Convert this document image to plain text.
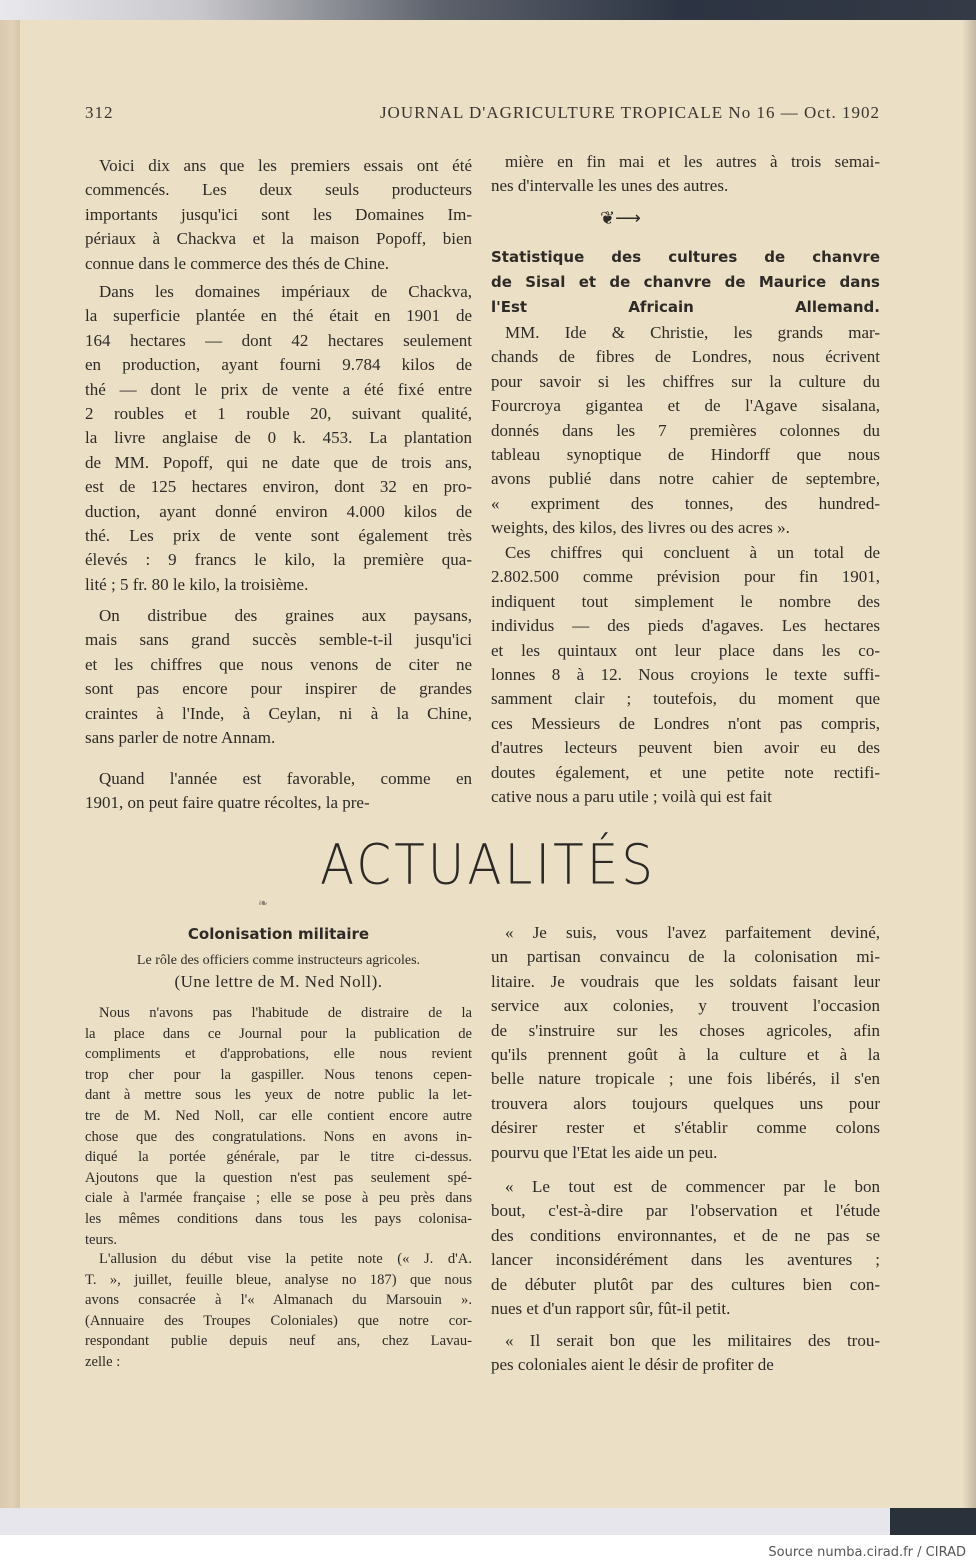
312	JOURNAL D'AGRICULTURE TROPICALE No 16 — Oct. 1902
Voici dix ans que les premiers essais ont été
commencés. Les deux seuls producteurs
importants jusqu'ici sont les Domaines Im-
périaux à Chackva et la maison Popoff, bien
connue dans le commerce des thés de Chine.
Dans les domaines impériaux de Chackva,
la superficie plantée en thé était en 1901 de
164 hectares — dont 42 hectares seulement
en production, ayant fourni 9.784 kilos de
thé — dont le prix de vente a été fixé entre
2 roubles et 1 rouble 20, suivant qualité,
la livre anglaise de 0 k. 453. La plantation
de MM. Popoff, qui ne date que de trois ans,
est de 125 hectares environ, dont 32 en pro-
duction, ayant donné environ 4.000 kilos de
thé. Les prix de vente sont également très
élevés : 9 francs le kilo, la première qua-
lité ; 5 fr. 80 le kilo, la troisième.
On distribue des graines aux paysans,
mais sans grand succès semble-t-il jusqu'ici
et les chiffres que nous venons de citer ne
sont pas encore pour inspirer de grandes
craintes à l'Inde, à Ceylan, ni à la Chine,
sans parler de notre Annam.
Quand l'année est favorable, comme en
1901, on peut faire quatre récoltes, la pre-
mière en fin mai et les autres à trois semai-
nes d'intervalle les unes des autres.
❦⟶
Statistique des cultures de chanvre
de Sisal et de chanvre de Maurice dans
l'Est Africain Allemand.
MM. Ide & Christie, les grands mar-
chands de fibres de Londres, nous écrivent
pour savoir si les chiffres sur la culture du
Fourcroya gigantea et de l'Agave sisalana,
donnés dans les 7 premières colonnes du
tableau synoptique de Hindorff que nous
avons publié dans notre cahier de septembre,
« expriment des tonnes, des hundred-
weights, des kilos, des livres ou des acres ».
Ces chiffres qui concluent à un total de
2.802.500 comme prévision pour fin 1901,
indiquent tout simplement le nombre des
individus — des pieds d'agaves. Les hectares
et les quintaux ont leur place dans les co-
lonnes 8 à 12. Nous croyions le texte suffi-
samment clair ; toutefois, du moment que
ces Messieurs de Londres n'ont pas compris,
d'autres lecteurs peuvent bien avoir eu des
doutes également, et une petite note rectifi-
cative nous a paru utile ; voilà qui est fait
ACTUALITÉS
❧
Colonisation militaire
Le rôle des officiers comme instructeurs agricoles.
(Une lettre de M. Ned Noll).
Nous n'avons pas l'habitude de distraire de la
la place dans ce Journal pour la publication de
compliments et d'approbations, elle nous revient
trop cher pour la gaspiller. Nous tenons cepen-
dant à mettre sous les yeux de notre public la let-
tre de M. Ned Noll, car elle contient encore autre
chose que des congratulations. Nons en avons in-
diqué la portée générale, par le titre ci-dessus.
Ajoutons que la question n'est pas seulement spé-
ciale à l'armée française ; elle se pose à peu près dans
les mêmes conditions dans tous les pays colonisa-
teurs.
L'allusion du début vise la petite note (« J. d'A.
T. », juillet, feuille bleue, analyse no 187) que nous
avons consacrée à l'« Almanach du Marsouin ».
(Annuaire des Troupes Coloniales) que notre cor-
respondant publie depuis neuf ans, chez Lavau-
zelle :
« Je suis, vous l'avez parfaitement deviné,
un partisan convaincu de la colonisation mi-
litaire. Je voudrais que les soldats faisant leur
service aux colonies, y trouvent l'occasion
de s'instruire sur les choses agricoles, afin
qu'ils prennent goût à la culture et à la
belle nature tropicale ; une fois libérés, il s'en
trouvera alors toujours quelques uns pour
désirer rester et s'établir comme colons
pourvu que l'Etat les aide un peu.
« Le tout est de commencer par le bon
bout, c'est-à-dire par l'observation et l'étude
des conditions environnantes, et de ne pas se
lancer inconsidérément dans les aventures ;
de débuter plutôt par des cultures bien con-
nues et d'un rapport sûr, fût-il petit.
« Il serait bon que les militaires des trou-
pes coloniales aient le désir de profiter de
Source numba.cirad.fr / CIRAD
